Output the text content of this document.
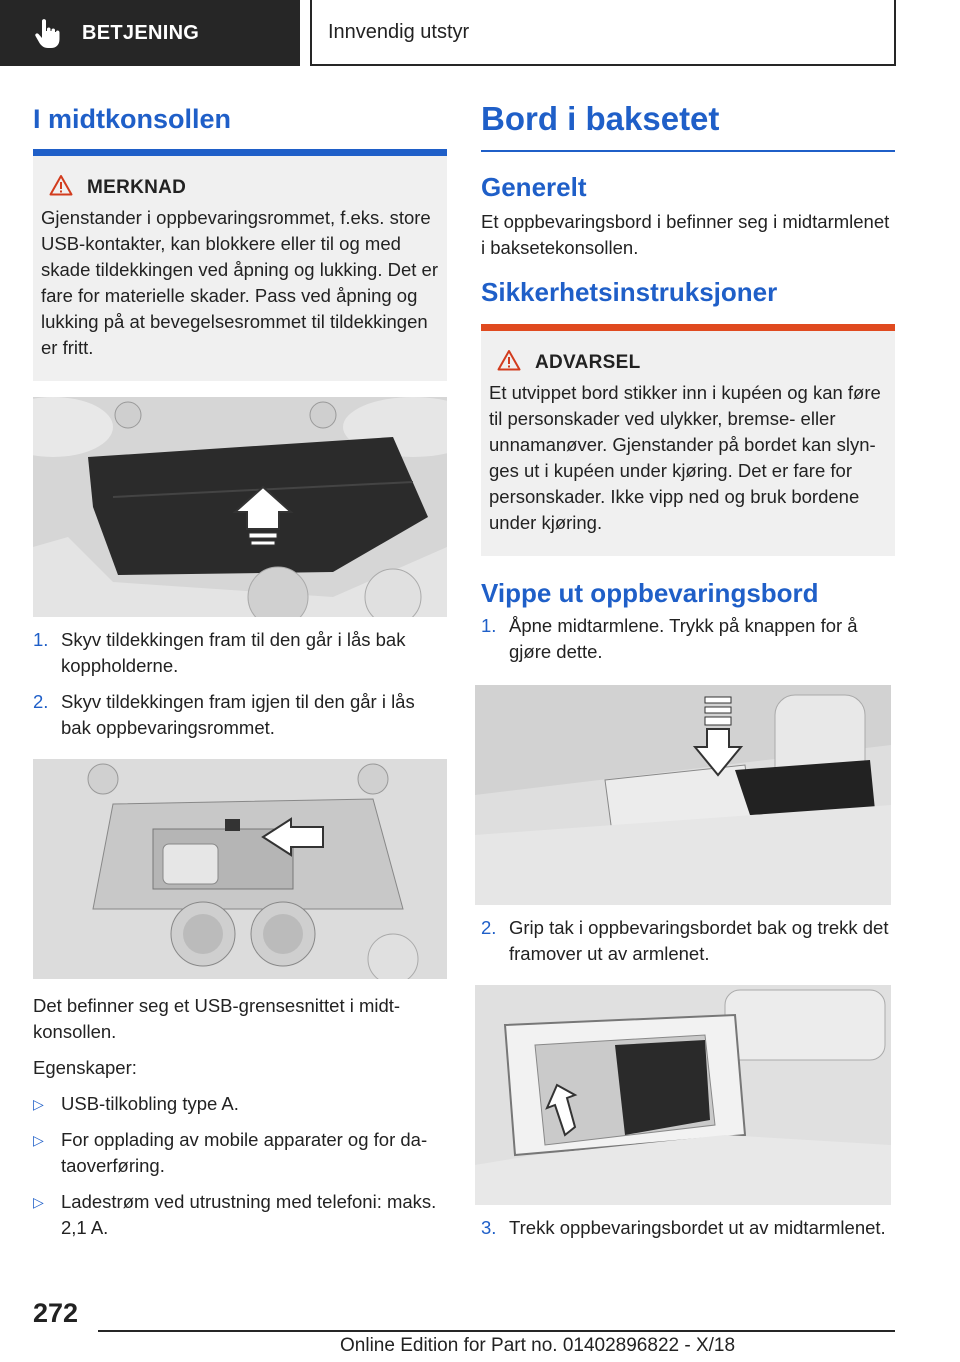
BETJENING	Innvendig utstyr
I midtkonsollen
MERKNAD

Gjenstander i oppbevaringsrommet, f.eks. store USB-kontakter, kan blokkere eller til og med skade tildekkingen ved åpning og lukking. Det er fare for materielle skader. Pass ved åpning og lukking på at bevegelsesrommet til tildekkingen er fritt.

1. Skyv tildekkingen fram til den går i lås bak koppholderne.
2. Skyv tildekkingen fram igjen til den går i lås bak oppbevaringsrommet.

Det befinner seg et USB-grensesnittet i midtkonsollen.

Egenskaper:

▷ USB-tilkobling type A.
▷ For opplading av mobile apparater og for dataoverføring.
▷ Ladestrøm ved utrustning med telefoni: maks. 2,1 A.
Bord i baksetet
Generelt

Et oppbevaringsbord i befinner seg i midtarmlenet i baksetekonsollen.

Sikkerhetsinstruksjoner
ADVARSEL

Et utvippet bord stikker inn i kupéen og kan føre til personskader ved ulykker, bremse- eller unnamanøver. Gjenstander på bordet kan slynges ut i kupéen under kjøring. Det er fare for personskader. Ikke vipp ned og bruk bordene under kjøring.

Vippe ut oppbevaringsbord
1. Åpne midtarmlene. Trykk på knappen for å gjøre dette.
2. Grip tak i oppbevaringsbordet bak og trekk det framover ut av armlenet.
3. Trekk oppbevaringsbordet ut av midtarmlenet.
272
Online Edition for Part no. 01402896822 - X/18
